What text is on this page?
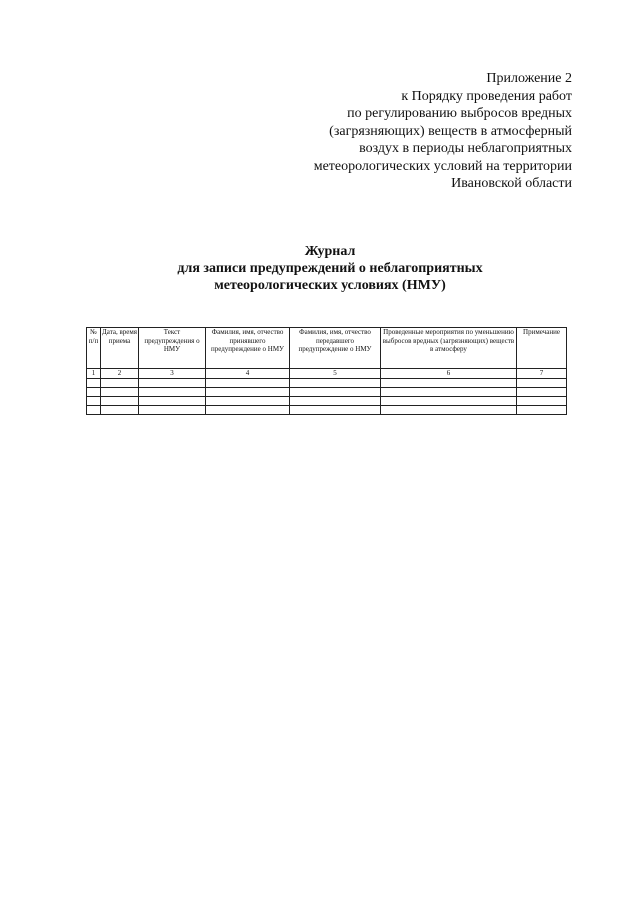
Приложение 2
к Порядку проведения работ
по регулированию выбросов вредных
(загрязняющих) веществ в атмосферный
воздух в периоды неблагоприятных
метеорологических условий на территории
Ивановской области
Журнал
для записи предупреждений о неблагоприятных
метеорологических условиях (НМУ)
№ п/п	Дата, время приема	Текст предупреждения о НМУ	Фамилия, имя, отчество принявшего предупреждение о НМУ	Фамилия, имя, отчество передавшего предупреждение о НМУ	Проведенные мероприятия по уменьшению выбросов вредных (загрязняющих) веществ в атмосферу	Примечание
1	2	3	4	5	6	7
